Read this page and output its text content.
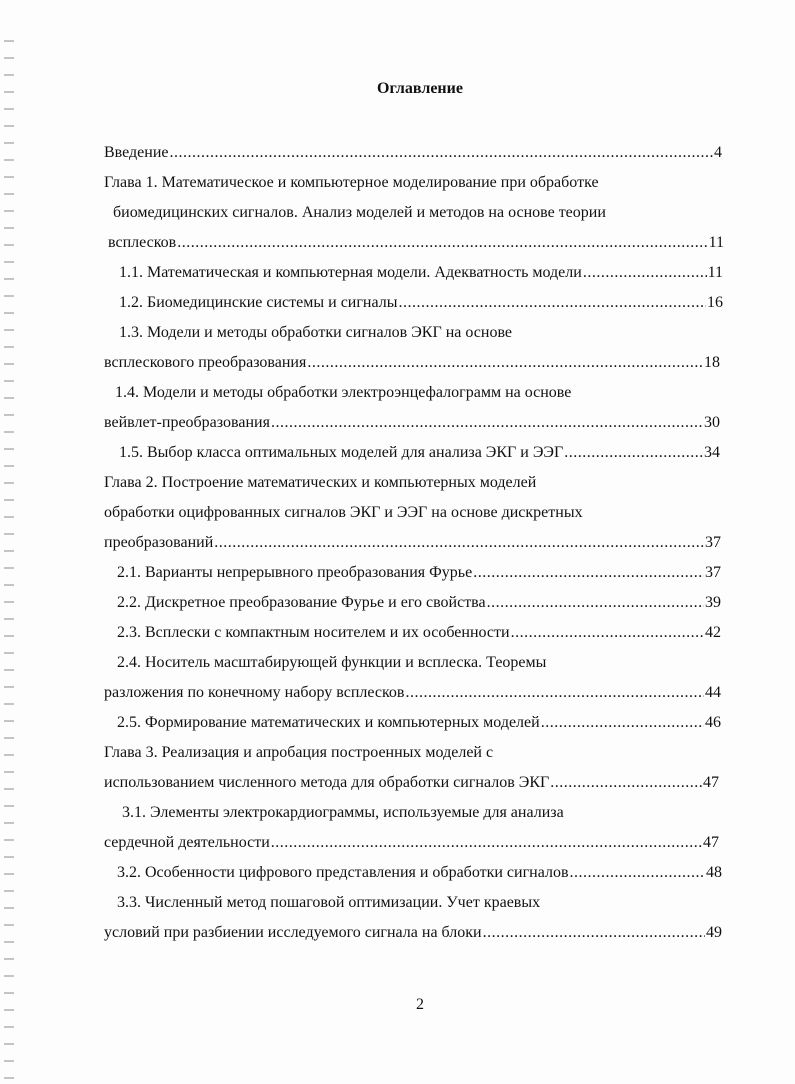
Оглавление
Введение .....	4
Глава 1. Математическое и компьютерное моделирование при обработке
биомедицинских сигналов. Анализ моделей и методов на основе теории
всплесков .....	11
1.1. Математическая и компьютерная модели. Адекватность модели .....	11
1.2. Биомедицинские системы и сигналы .....	16
1.3. Модели и методы обработки сигналов ЭКГ на основе
всплескового преобразования .....	18
1.4. Модели и методы обработки электроэнцефалограмм на основе
вейвлет-преобразования .....	30
1.5. Выбор класса оптимальных моделей для анализа ЭКГ и ЭЭГ .....	34
Глава 2. Построение математических и компьютерных моделей
обработки оцифрованных сигналов ЭКГ и ЭЭГ на основе дискретных
преобразований .....	37
2.1. Варианты непрерывного преобразования Фурье .....	37
2.2. Дискретное преобразование Фурье и его свойства .....	39
2.3. Всплески с компактным носителем и их особенности .....	42
2.4. Носитель масштабирующей функции и всплеска. Теоремы
разложения по конечному набору всплесков .....	44
2.5. Формирование математических и компьютерных моделей .....	46
Глава 3. Реализация и апробация построенных моделей с
использованием численного метода для обработки сигналов ЭКГ .....	47
3.1. Элементы электрокардиограммы, используемые для анализа
сердечной деятельности .....	47
3.2. Особенности цифрового представления и обработки сигналов .....	48
3.3. Численный метод пошаговой оптимизации. Учет краевых
условий при разбиении исследуемого сигнала на блоки .....	49
2
